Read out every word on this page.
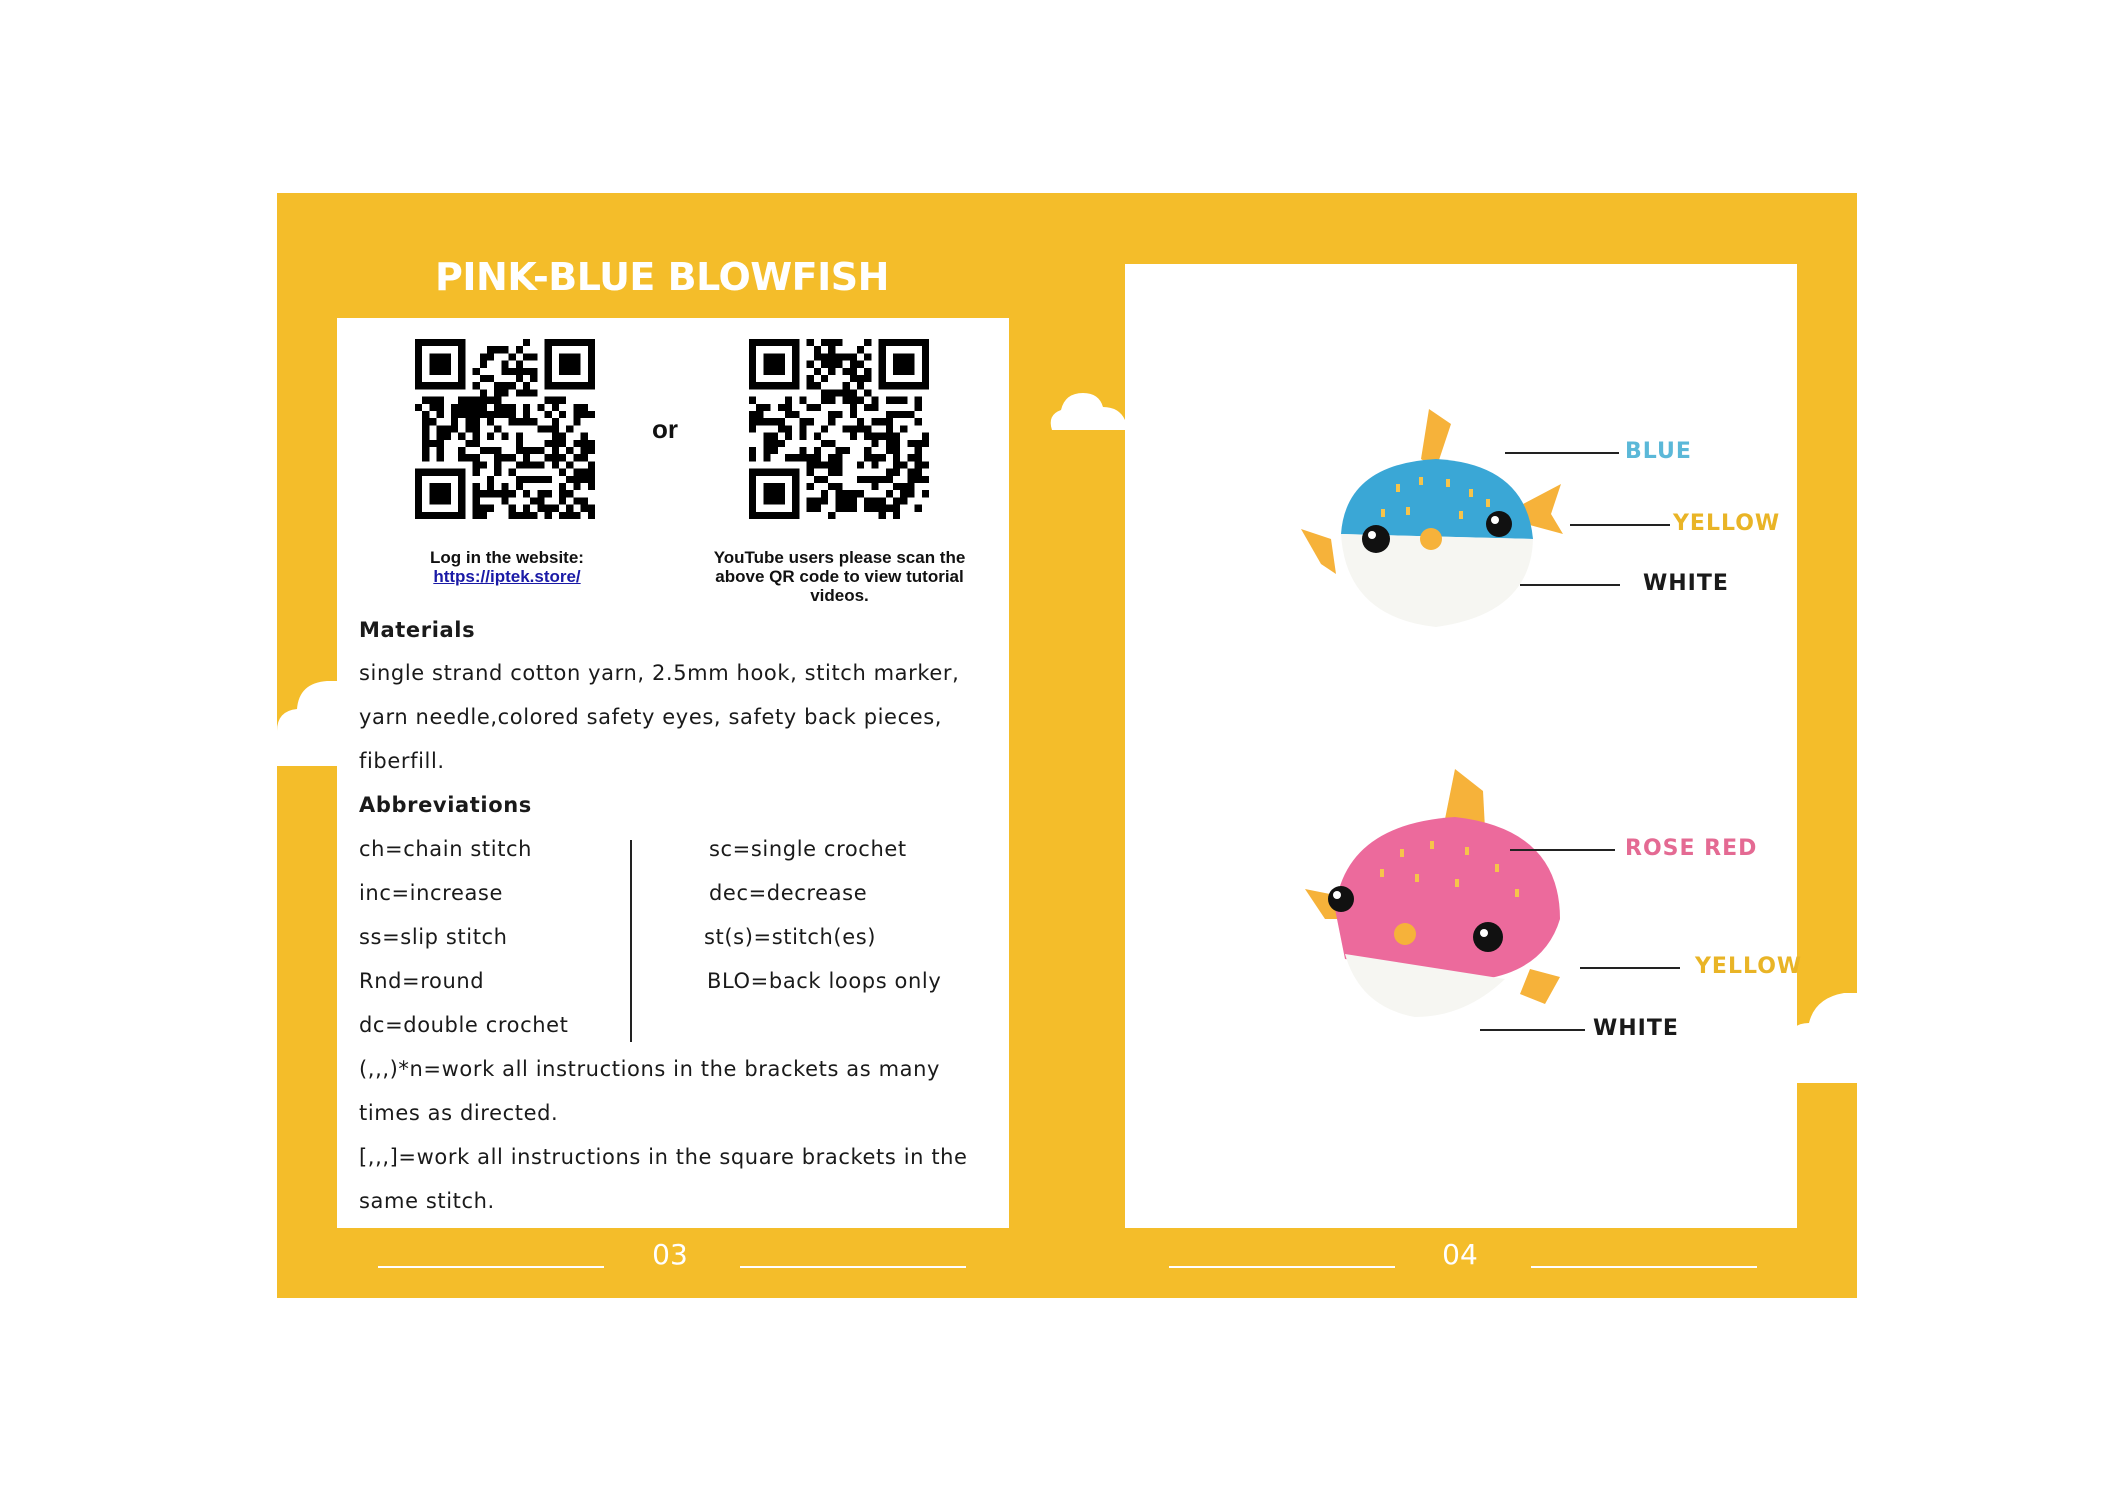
PINK-BLUE BLOWFISH
or
Log in the website:
https://iptek.store/
YouTube users please scan the above QR code to view tutorial videos.
Materials
single strand cotton yarn, 2.5mm hook, stitch marker,
yarn needle,colored safety eyes, safety back pieces,
fiberfill.
Abbreviations
ch=chain stitch
inc=increase
ss=slip stitch
Rnd=round
dc=double crochet
sc=single crochet
dec=decrease
st(s)=stitch(es)
BLO=back loops only
(,,,)*n=work all instructions in the brackets as many
times as directed.
[,,,]=work all instructions in the square brackets in the
same stitch.
BLUE
YELLOW
WHITE
ROSE RED
YELLOW
WHITE
03	04
